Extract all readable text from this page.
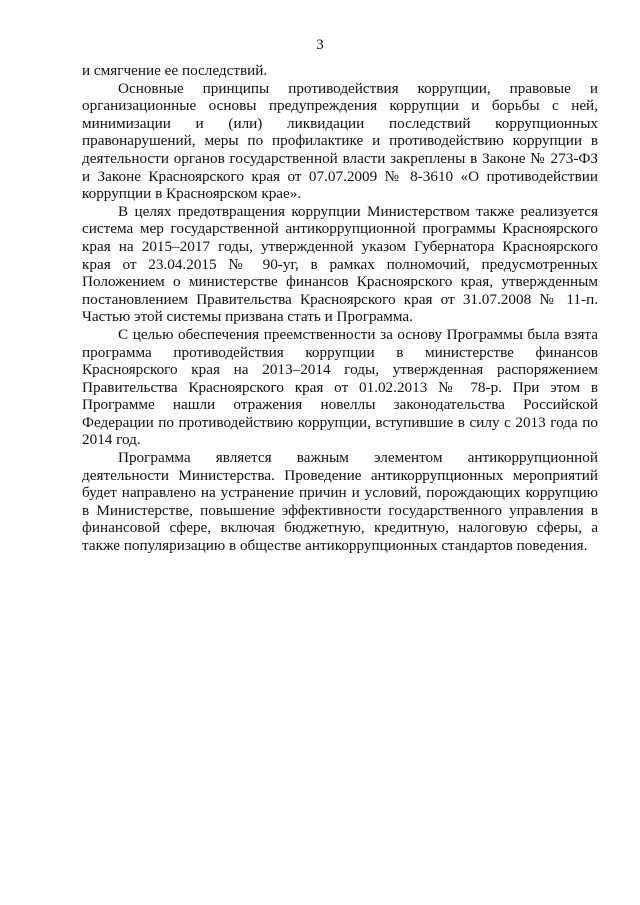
3

и смягчение ее последствий.

Основные принципы противодействия коррупции, правовые и организационные основы предупреждения коррупции и борьбы с ней, минимизации и (или) ликвидации последствий коррупционных правонарушений, меры по профилактике и противодействию коррупции в деятельности органов государственной власти закреплены в Законе № 273-ФЗ и Законе Красноярского края от 07.07.2009 № 8-3610 «О противодействии коррупции в Красноярском крае».

В целях предотвращения коррупции Министерством также реализуется система мер государственной антикоррупционной программы Красноярского края на 2015–2017 годы, утвержденной указом Губернатора Красноярского края от 23.04.2015 № 90-уг, в рамках полномочий, предусмотренных Положением о министерстве финансов Красноярского края, утвержденным постановлением Правительства Красноярского края от 31.07.2008 № 11-п. Частью этой системы призвана стать и Программа.

С целью обеспечения преемственности за основу Программы была взята программа противодействия коррупции в министерстве финансов Красноярского края на 2013–2014 годы, утвержденная распоряжением Правительства Красноярского края от 01.02.2013 № 78-р. При этом в Программе нашли отражения новеллы законодательства Российской Федерации по противодействию коррупции, вступившие в силу с 2013 года по 2014 год.

Программа является важным элементом антикоррупционной деятельности Министерства. Проведение антикоррупционных мероприятий будет направлено на устранение причин и условий, порождающих коррупцию в Министерстве, повышение эффективности государственного управления в финансовой сфере, включая бюджетную, кредитную, налоговую сферы, а также популяризацию в обществе антикоррупционных стандартов поведения.
